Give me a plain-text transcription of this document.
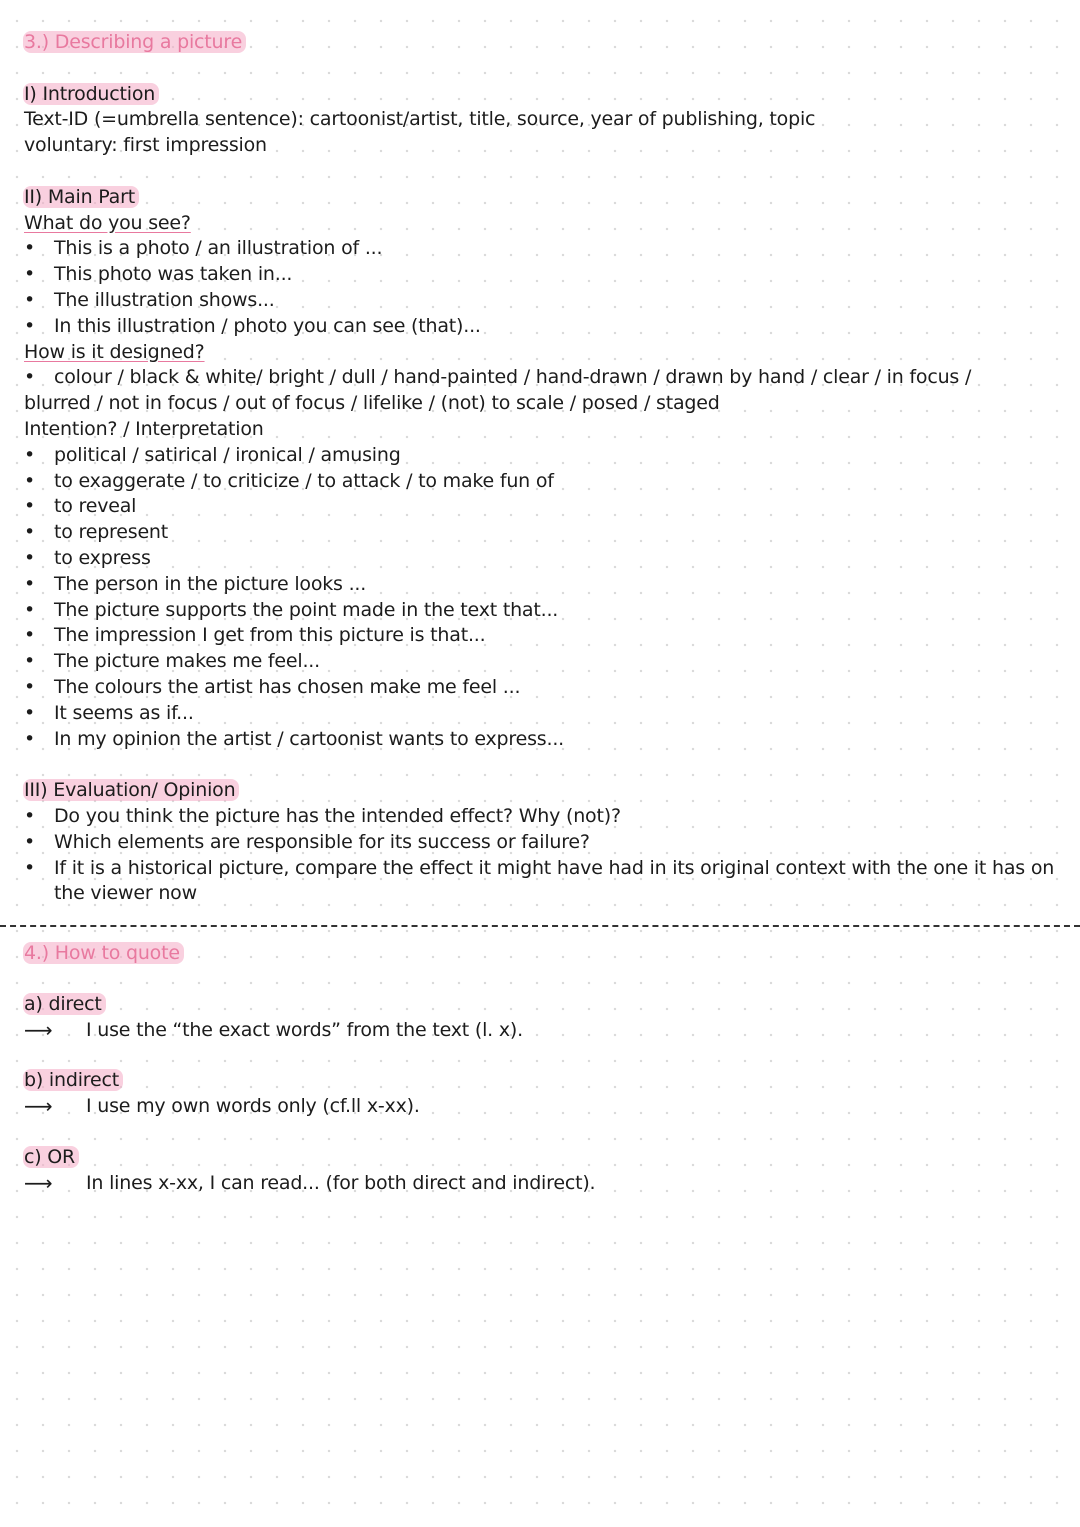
3.) Describing a picture
I) Introduction
Text-ID (=umbrella sentence): cartoonist/artist, title, source, year of publishing, topic
voluntary: first impression
II) Main Part
What do you see?
• This is a photo / an illustration of ...
• This photo was taken in...
• The illustration shows...
• In this illustration / photo you can see (that)...
How is it designed?
• colour / black & white/ bright / dull / hand-painted / hand-drawn / drawn by hand / clear / in focus /
blurred / not in focus / out of focus / lifelike / (not) to scale / posed / staged
Intention? / Interpretation
• political / satirical / ironical / amusing
• to exaggerate / to criticize / to attack / to make fun of
• to reveal
• to represent
• to express
• The person in the picture looks ...
• The picture supports the point made in the text that...
• The impression I get from this picture is that...
• The picture makes me feel...
• The colours the artist has chosen make me feel ...
• It seems as if...
• In my opinion the artist / cartoonist wants to express...
III) Evaluation/ Opinion
• Do you think the picture has the intended effect? Why (not)?
• Which elements are responsible for its success or failure?
• If it is a historical picture, compare the effect it might have had in its original context with the one it has on the viewer now
4.) How to quote
a) direct
⟶	I use the “the exact words” from the text (l. x).
b) indirect
⟶	I use my own words only (cf.ll x-xx).
c) OR
⟶	In lines x-xx, I can read... (for both direct and indirect).
